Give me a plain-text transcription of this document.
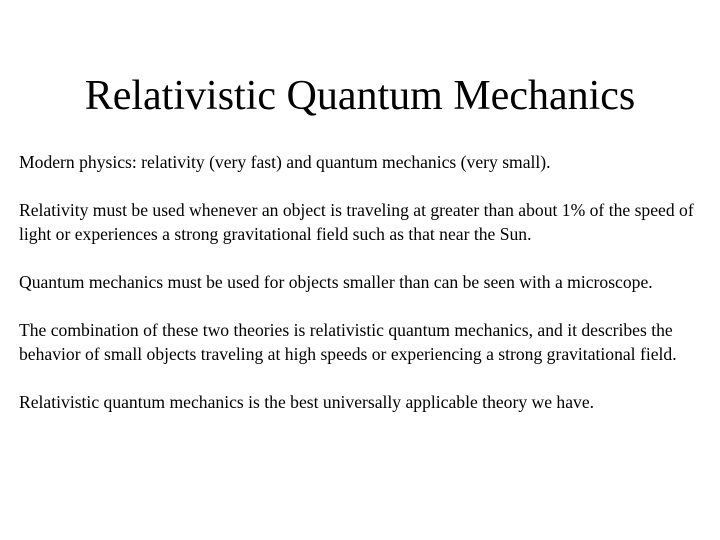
Relativistic Quantum Mechanics

Modern physics: relativity (very fast) and quantum mechanics (very small).

Relativity must be used whenever an object is traveling at greater than about 1% of the speed of light or experiences a strong gravitational field such as that near the Sun.

Quantum mechanics must be used for objects smaller than can be seen with a microscope.

The combination of these two theories is relativistic quantum mechanics, and it describes the behavior of small objects traveling at high speeds or experiencing a strong gravitational field.

Relativistic quantum mechanics is the best universally applicable theory we have.
